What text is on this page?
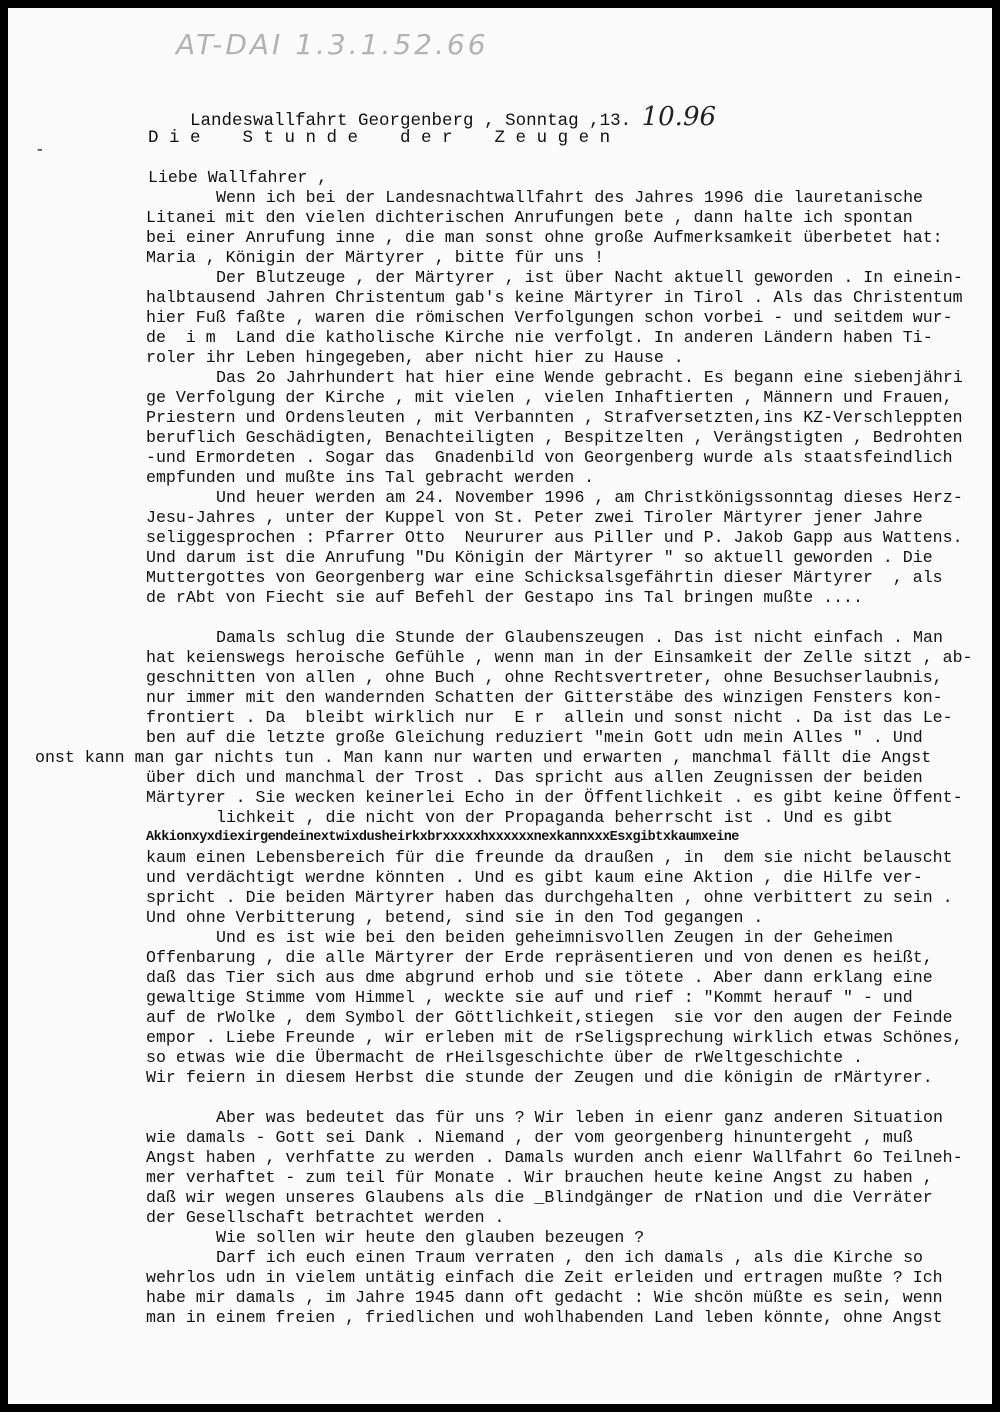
AT-DAI 1.3.1.52.66

Landeswallfahrt Georgenberg , Sonntag ,13. 10.96

-
D i e    S t u n d e    d e r    Z e u g e n
Liebe Wallfahrer ,
Wenn ich bei der Landesnachtwallfahrt des Jahres 1996 die lauretanische
Litanei mit den vielen dichterischen Anrufungen bete , dann halte ich spontan
bei einer Anrufung inne , die man sonst ohne große Aufmerksamkeit überbetet hat:
Maria , Königin der Märtyrer , bitte für uns !
Der Blutzeuge , der Märtyrer , ist über Nacht aktuell geworden . In einein-
halbtausend Jahren Christentum gab's keine Märtyrer in Tirol . Als das Christentum
hier Fuß faßte , waren die römischen Verfolgungen schon vorbei - und seitdem wur-
de  i m  Land die katholische Kirche nie verfolgt. In anderen Ländern haben Ti-
roler ihr Leben hingegeben, aber nicht hier zu Hause .
Das 2o Jahrhundert hat hier eine Wende gebracht. Es begann eine siebenjähri
ge Verfolgung der Kirche , mit vielen , vielen Inhaftierten , Männern und Frauen,
Priestern und Ordensleuten , mit Verbannten , Strafversetzten,ins KZ-Verschleppten
beruflich Geschädigten, Benachteiligten , Bespitzelten , Verängstigten , Bedrohten
-und Ermordeten . Sogar das  Gnadenbild von Georgenberg wurde als staatsfeindlich
empfunden und mußte ins Tal gebracht werden .
Und heuer werden am 24. November 1996 , am Christkönigssonntag dieses Herz-
Jesu-Jahres , unter der Kuppel von St. Peter zwei Tiroler Märtyrer jener Jahre
seliggesprochen : Pfarrer Otto  Neururer aus Piller und P. Jakob Gapp aus Wattens.
Und darum ist die Anrufung "Du Königin der Märtyrer " so aktuell geworden . Die
Muttergottes von Georgenberg war eine Schicksalsgefährtin dieser Märtyrer  , als
de rAbt von Fiecht sie auf Befehl der Gestapo ins Tal bringen mußte ....
Damals schlug die Stunde der Glaubenszeugen . Das ist nicht einfach . Man
hat keienswegs heroische Gefühle , wenn man in der Einsamkeit der Zelle sitzt , ab-
geschnitten von allen , ohne Buch , ohne Rechtsvertreter, ohne Besuchserlaubnis,
nur immer mit den wandernden Schatten der Gitterstäbe des winzigen Fensters kon-
frontiert . Da  bleibt wirklich nur  E r  allein und sonst nicht . Da ist das Le-
ben auf die letzte große Gleichung reduziert "mein Gott udn mein Alles " . Und
onst kann man gar nichts tun . Man kann nur warten und erwarten , manchmal fällt die Angst
über dich und manchmal der Trost . Das spricht aus allen Zeugnissen der beiden
Märtyrer . Sie wecken keinerlei Echo in der Öffentlichkeit . es gibt keine Öffent-
lichkeit , die nicht von der Propaganda beherrscht ist . Und es gibt
AkkionxyxdiexirgendeinextwixdusheirkxbrxxxxxhxxxxxxnexkannxxxEsxgibtxkaumxeine
kaum einen Lebensbereich für die freunde da draußen , in  dem sie nicht belauscht
und verdächtigt werdne könnten . Und es gibt kaum eine Aktion , die Hilfe ver-
spricht . Die beiden Märtyrer haben das durchgehalten , ohne verbittert zu sein .
Und ohne Verbitterung , betend, sind sie in den Tod gegangen .
Und es ist wie bei den beiden geheimnisvollen Zeugen in der Geheimen
Offenbarung , die alle Märtyrer der Erde repräsentieren und von denen es heißt,
daß das Tier sich aus dme abgrund erhob und sie tötete . Aber dann erklang eine
gewaltige Stimme vom Himmel , weckte sie auf und rief : "Kommt herauf " - und
auf de rWolke , dem Symbol der Göttlichkeit,stiegen  sie vor den augen der Feinde
empor . Liebe Freunde , wir erleben mit de rSeligsprechung wirklich etwas Schönes,
so etwas wie die Übermacht de rHeilsgeschichte über de rWeltgeschichte .
Wir feiern in diesem Herbst die stunde der Zeugen und die königin de rMärtyrer.
Aber was bedeutet das für uns ? Wir leben in eienr ganz anderen Situation
wie damals - Gott sei Dank . Niemand , der vom georgenberg hinuntergeht , muß
Angst haben , verhfatte zu werden . Damals wurden anch eienr Wallfahrt 6o Teilneh-
mer verhaftet - zum teil für Monate . Wir brauchen heute keine Angst zu haben ,
daß wir wegen unseres Glaubens als die _Blindgänger de rNation und die Verräter
der Gesellschaft betrachtet werden .
Wie sollen wir heute den glauben bezeugen ?
Darf ich euch einen Traum verraten , den ich damals , als die Kirche so
wehrlos udn in vielem untätig einfach die Zeit erleiden und ertragen mußte ? Ich
habe mir damals , im Jahre 1945 dann oft gedacht : Wie shcön müßte es sein, wenn
man in einem freien , friedlichen und wohlhabenden Land leben könnte, ohne Angst
